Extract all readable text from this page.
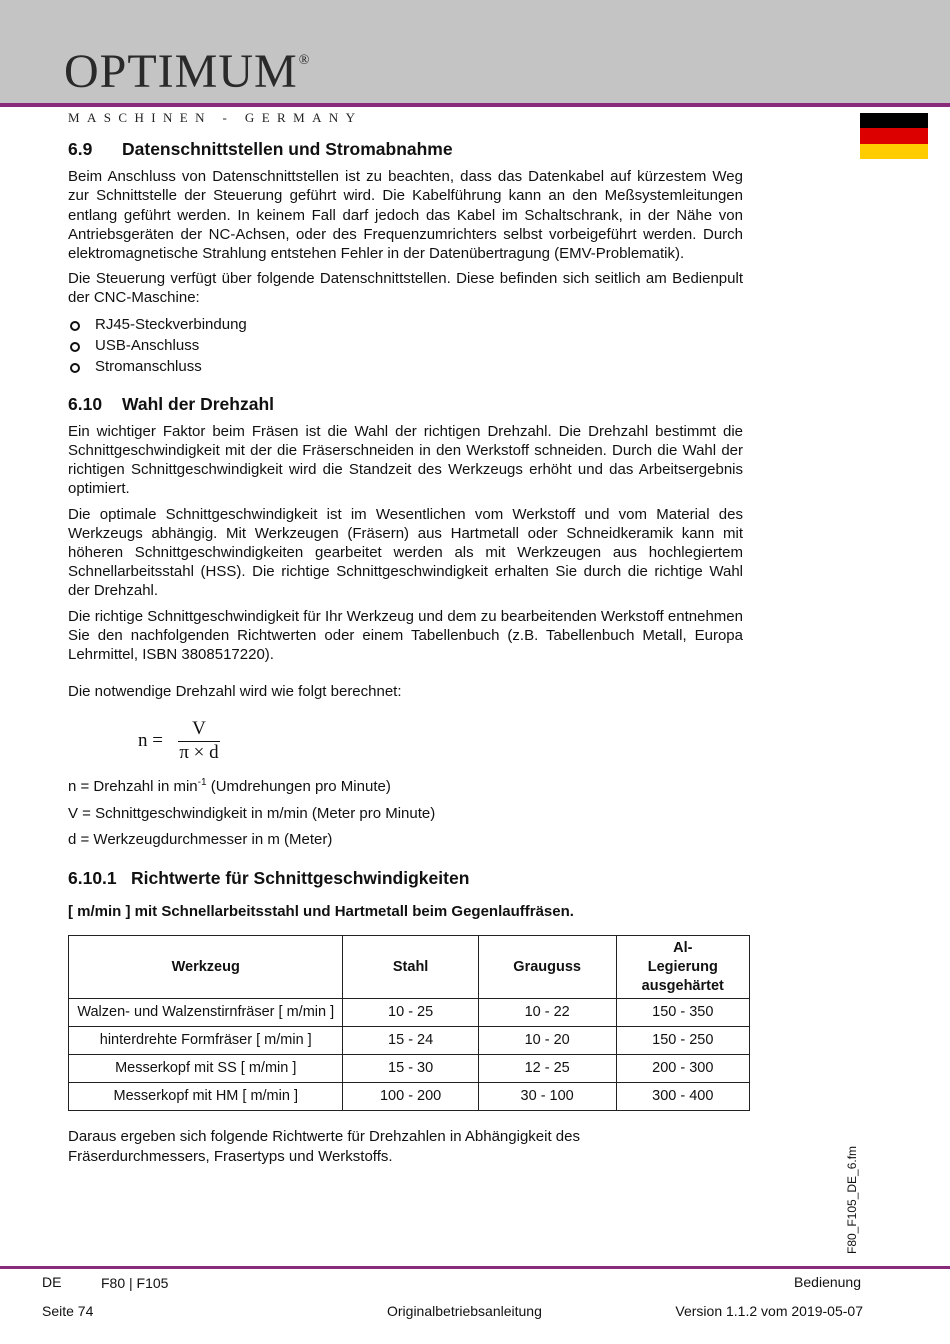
OPTIMUM®
MASCHINEN - GERMANY
6.9	Datenschnittstellen und Stromabnahme

Beim Anschluss von Datenschnittstellen ist zu beachten, dass das Datenkabel auf kürzestem Weg zur Schnittstelle der Steuerung geführt wird. Die Kabelführung kann an den Meßsystemleitungen entlang geführt werden. In keinem Fall darf jedoch das Kabel im Schaltschrank, in der Nähe von Antriebsgeräten der NC-Achsen, oder des Frequenzumrichters selbst vorbeigeführt werden. Durch elektromagnetische Strahlung entstehen Fehler in der Datenübertragung (EMV-Problematik).

Die Steuerung verfügt über folgende Datenschnittstellen. Diese befinden sich seitlich am Bedienpult der CNC-Maschine:

RJ45-Steckverbindung
USB-Anschluss
Stromanschluss
6.10	Wahl der Drehzahl

Ein wichtiger Faktor beim Fräsen ist die Wahl der richtigen Drehzahl. Die Drehzahl bestimmt die Schnittgeschwindigkeit mit der die Fräserschneiden in den Werkstoff schneiden. Durch die Wahl der richtigen Schnittgeschwindigkeit wird die Standzeit des Werkzeugs erhöht und das Arbeitsergebnis optimiert.

Die optimale Schnittgeschwindigkeit ist im Wesentlichen vom Werkstoff und vom Material des Werkzeugs abhängig. Mit Werkzeugen (Fräsern) aus Hartmetall oder Schneidkeramik kann mit höheren Schnittgeschwindigkeiten gearbeitet werden als mit Werkzeugen aus hochlegiertem Schnellarbeitsstahl (HSS). Die richtige Schnittgeschwindigkeit erhalten Sie durch die richtige Wahl der Drehzahl.

Die richtige Schnittgeschwindigkeit für Ihr Werkzeug und dem zu bearbeitenden Werkstoff entnehmen Sie den nachfolgenden Richtwerten oder einem Tabellenbuch (z.B. Tabellenbuch Metall, Europa Lehrmittel, ISBN 3808517220).

Die notwendige Drehzahl wird wie folgt berechnet:

n =
V
π × d
n = Drehzahl in $\min^{-1}$ (Umdrehungen pro Minute)
V = Schnittgeschwindigkeit in m/min (Meter pro Minute)
d = Werkzeugdurchmesser in m (Meter)
6.10.1 Richtwerte für Schnittgeschwindigkeiten
[ m/min ] mit Schnellarbeitsstahl und Hartmetall beim Gegenlauffräsen.
Werkzeug	Stahl	Grauguss	Al-
Legierung
ausgehärtet
Walzen- und Walzenstirnfräser [ m/min ]	10 - 25	10 - 22	150 - 350
hinterdrehte Formfräser [ m/min ]	15 - 24	10 - 20	150 - 250
Messerkopf mit SS [ m/min ]	15 - 30	12 - 25	200 - 300
Messerkopf mit HM [ m/min ]	100 - 200	30 - 100	300 - 400
Daraus ergeben sich folgende Richtwerte für Drehzahlen in Abhängigkeit des
Fräserdurchmessers, Frasertyps und Werkstoffs.	F80_F105_DE_6.fm
DE	F80 | F105	Bedienung
Seite 74	Originalbetriebsanleitung	Version 1.1.2 vom 2019-05-07
